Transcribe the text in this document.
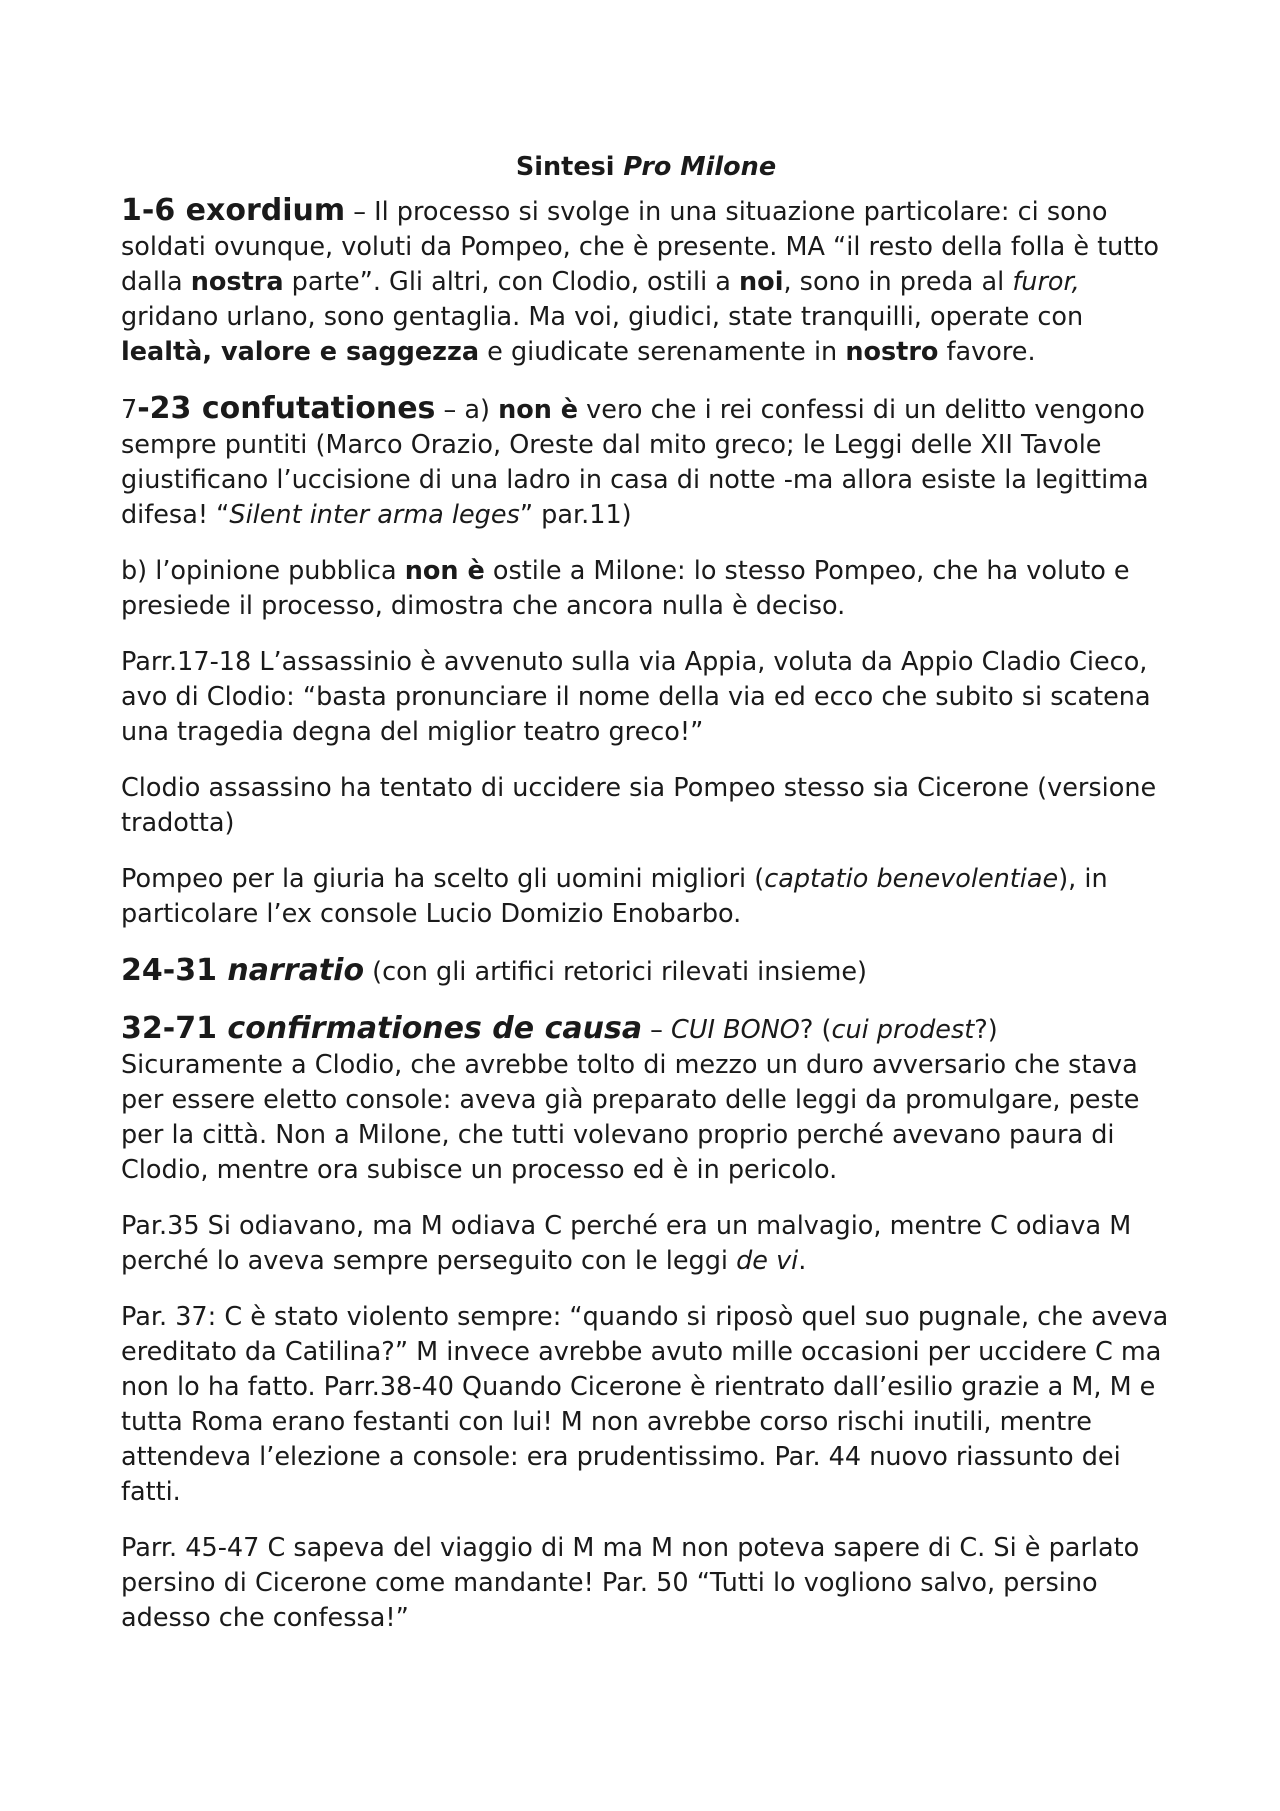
Sintesi Pro Milone

1-6 exordium – Il processo si svolge in una situazione particolare: ci sono soldati ovunque, voluti da Pompeo, che è presente. MA “il resto della folla è tutto dalla nostra parte”. Gli altri, con Clodio, ostili a noi, sono in preda al furor, gridano urlano, sono gentaglia. Ma voi, giudici, state tranquilli, operate con lealtà, valore e saggezza e giudicate serenamente in nostro favore.

7-23 confutationes – a) non è vero che i rei confessi di un delitto vengono sempre puntiti (Marco Orazio, Oreste dal mito greco; le Leggi delle XII Tavole giustificano l’uccisione di una ladro in casa di notte -ma allora esiste la legittima difesa! “Silent inter arma leges” par.11)

b) l’opinione pubblica non è ostile a Milone: lo stesso Pompeo, che ha voluto e presiede il processo, dimostra che ancora nulla è deciso.

Parr.17-18 L’assassinio è avvenuto sulla via Appia, voluta da Appio Cladio Cieco, avo di Clodio: “basta pronunciare il nome della via ed ecco che subito si scatena una tragedia degna del miglior teatro greco!”

Clodio assassino ha tentato di uccidere sia Pompeo stesso sia Cicerone (versione tradotta)

Pompeo per la giuria ha scelto gli uomini migliori (captatio benevolentiae), in particolare l’ex console Lucio Domizio Enobarbo.

24-31 narratio (con gli artifici retorici rilevati insieme)

32-71 confirmationes de causa – CUI BONO? (cui prodest?)
Sicuramente a Clodio, che avrebbe tolto di mezzo un duro avversario che stava per essere eletto console: aveva già preparato delle leggi da promulgare, peste per la città. Non a Milone, che tutti volevano proprio perché avevano paura di Clodio, mentre ora subisce un processo ed è in pericolo.

Par.35 Si odiavano, ma M odiava C perché era un malvagio, mentre C odiava M perché lo aveva sempre perseguito con le leggi de vi.

Par. 37: C è stato violento sempre: “quando si riposò quel suo pugnale, che aveva ereditato da Catilina?” M invece avrebbe avuto mille occasioni per uccidere C ma non lo ha fatto. Parr.38-40 Quando Cicerone è rientrato dall’esilio grazie a M, M e tutta Roma erano festanti con lui! M non avrebbe corso rischi inutili, mentre attendeva l’elezione a console: era prudentissimo. Par. 44 nuovo riassunto dei fatti.

Parr. 45-47 C sapeva del viaggio di M ma M non poteva sapere di C. Si è parlato persino di Cicerone come mandante! Par. 50 “Tutti lo vogliono salvo, persino adesso che confessa!”
